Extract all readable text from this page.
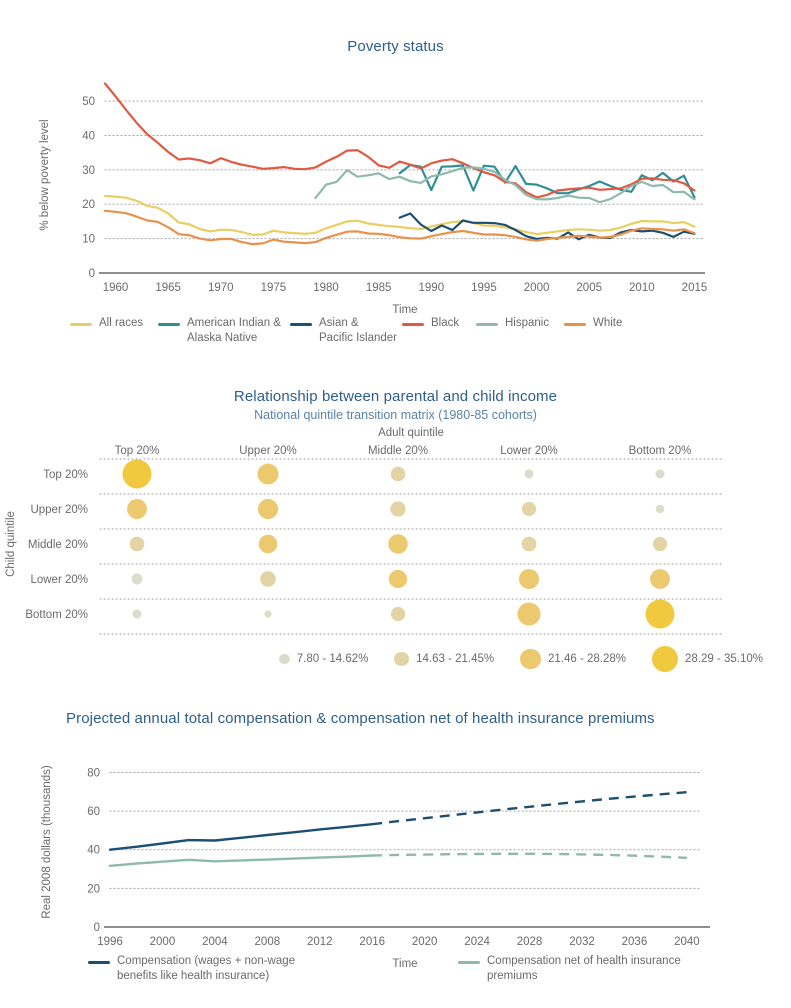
Poverty status
0
10
20
30
40
50
1960 1965 1970 1975 1980 1985 1990 1995 2000 2005 2010 2015
Time
% below poverty level
All races	American Indian &
Alaska Native
Asian &
Pacific Islander
Black	Hispanic	White
Relationship between parental and child income
National quintile transition matrix (1980-85 cohorts)
Adult quintile
Top 20%	Upper 20%	Middle 20%	Lower 20%	Bottom 20%
Top 20%
Upper 20%
Middle 20%
Lower 20%
Bottom 20%
Child quintile
7.80 - 14.62%	14.63 - 21.45%	21.46 - 28.28%	28.29 - 35.10%
Projected annual total compensation & compensation net of health insurance premiums
0
20
40
60
80
1996 2000 2004 2008 2012 2016 2020 2024 2028 2032 2036 2040
Time
Real 2008 dollars (thousands)
Compensation (wages + non-wage
benefits like health insurance)
Compensation net of health insurance
premiums
